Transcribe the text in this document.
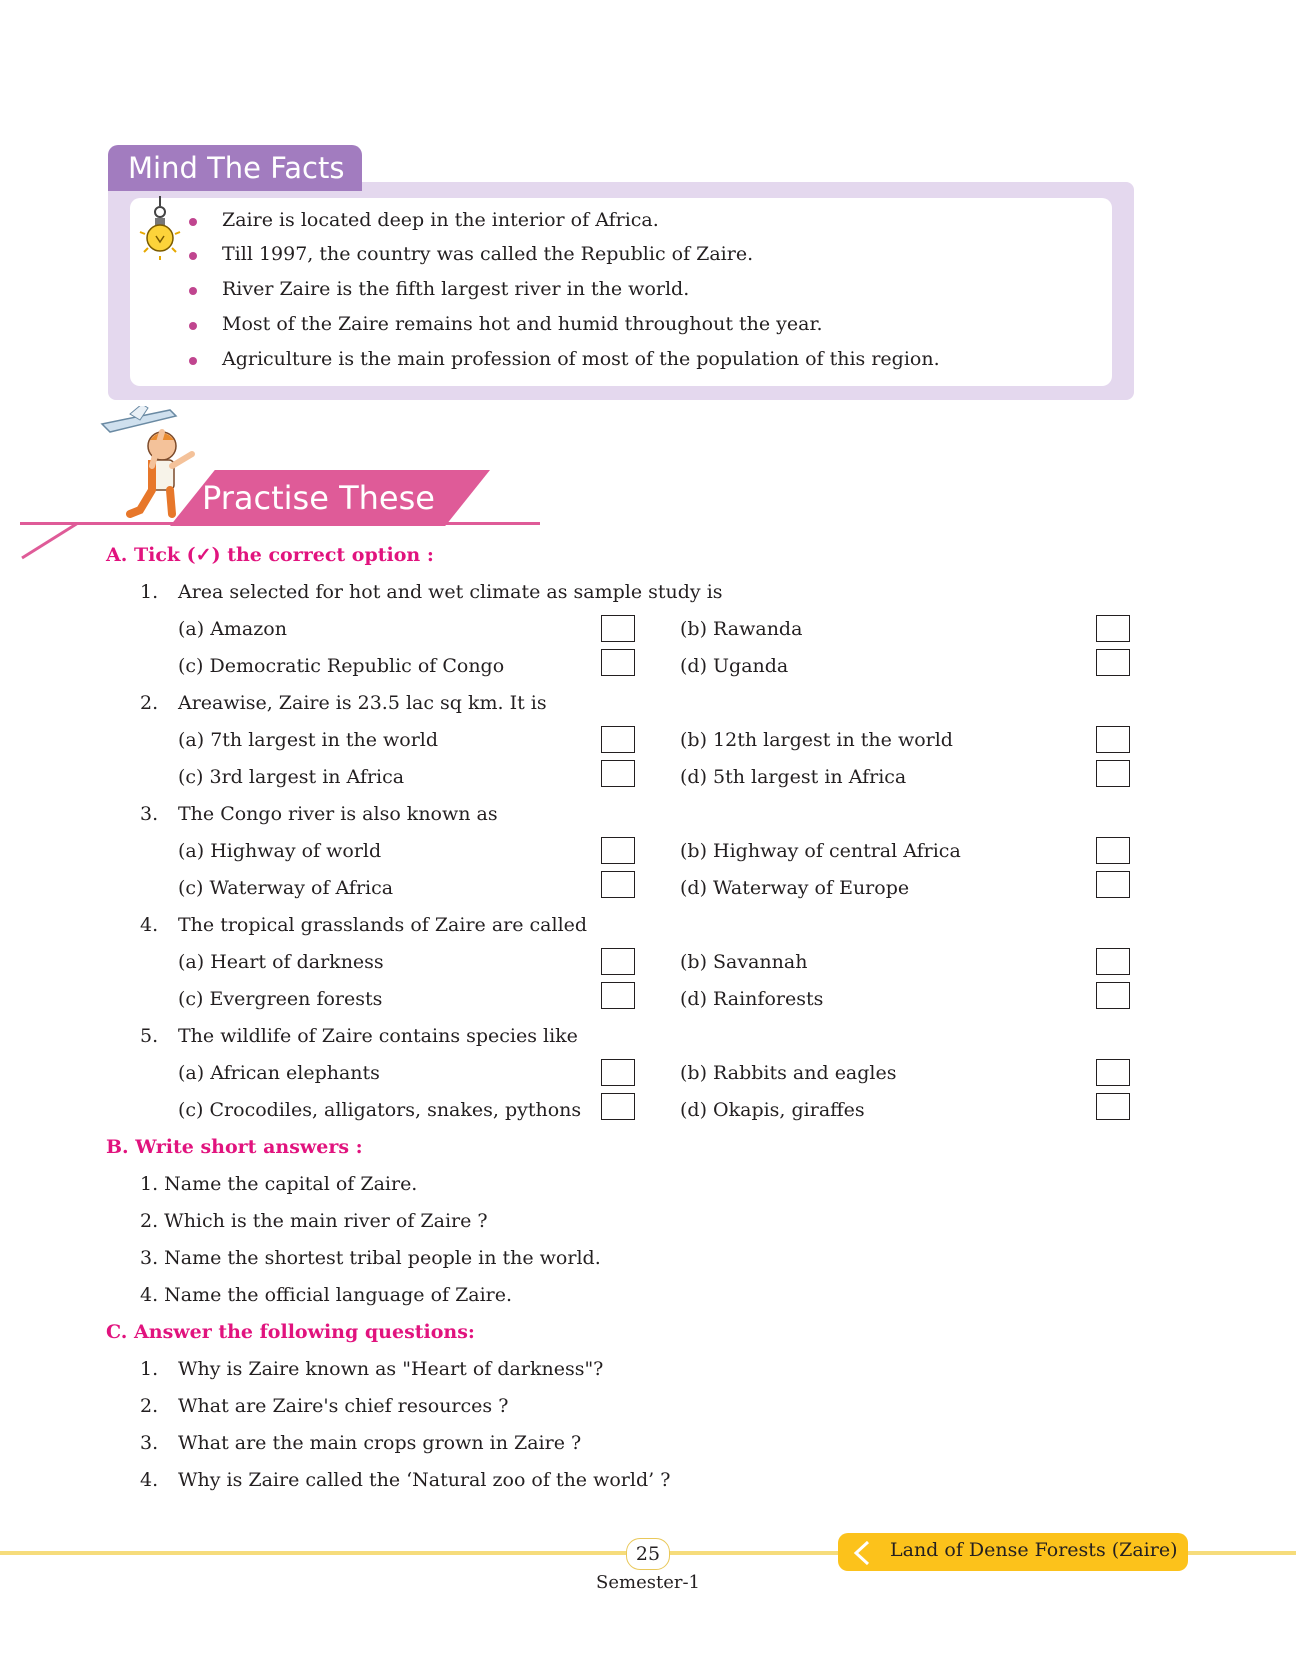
Mind The Facts
Zaire is located deep in the interior of Africa.
Till 1997, the country was called the Republic of Zaire.
River Zaire is the fifth largest river in the world.
Most of the Zaire remains hot and humid throughout the year.
Agriculture is the main profession of most of the population of this region.
Practise These
A. Tick (✓) the correct option :
1. Area selected for hot and wet climate as sample study is
(a) Amazon	(b) Rawanda
(c) Democratic Republic of Congo	(d) Uganda
2. Areawise, Zaire is 23.5 lac sq km. It is
(a) 7th largest in the world	(b) 12th largest in the world
(c) 3rd largest in Africa	(d) 5th largest in Africa
3. The Congo river is also known as
(a) Highway of world	(b) Highway of central Africa
(c) Waterway of Africa	(d) Waterway of Europe
4. The tropical grasslands of Zaire are called
(a) Heart of darkness	(b) Savannah
(c) Evergreen forests	(d) Rainforests
5. The wildlife of Zaire contains species like
(a) African elephants	(b) Rabbits and eagles
(c) Crocodiles, alligators, snakes, pythons	(d) Okapis, giraffes
B. Write short answers :
1. Name the capital of Zaire.
2. Which is the main river of Zaire ?
3. Name the shortest tribal people in the world.
4. Name the official language of Zaire.
C. Answer the following questions:
1. Why is Zaire known as "Heart of darkness"?
2. What are Zaire's chief resources ?
3. What are the main crops grown in Zaire ?
4. Why is Zaire called the ‘Natural zoo of the world’ ?
25
Semester-1
Land of Dense Forests (Zaire)
